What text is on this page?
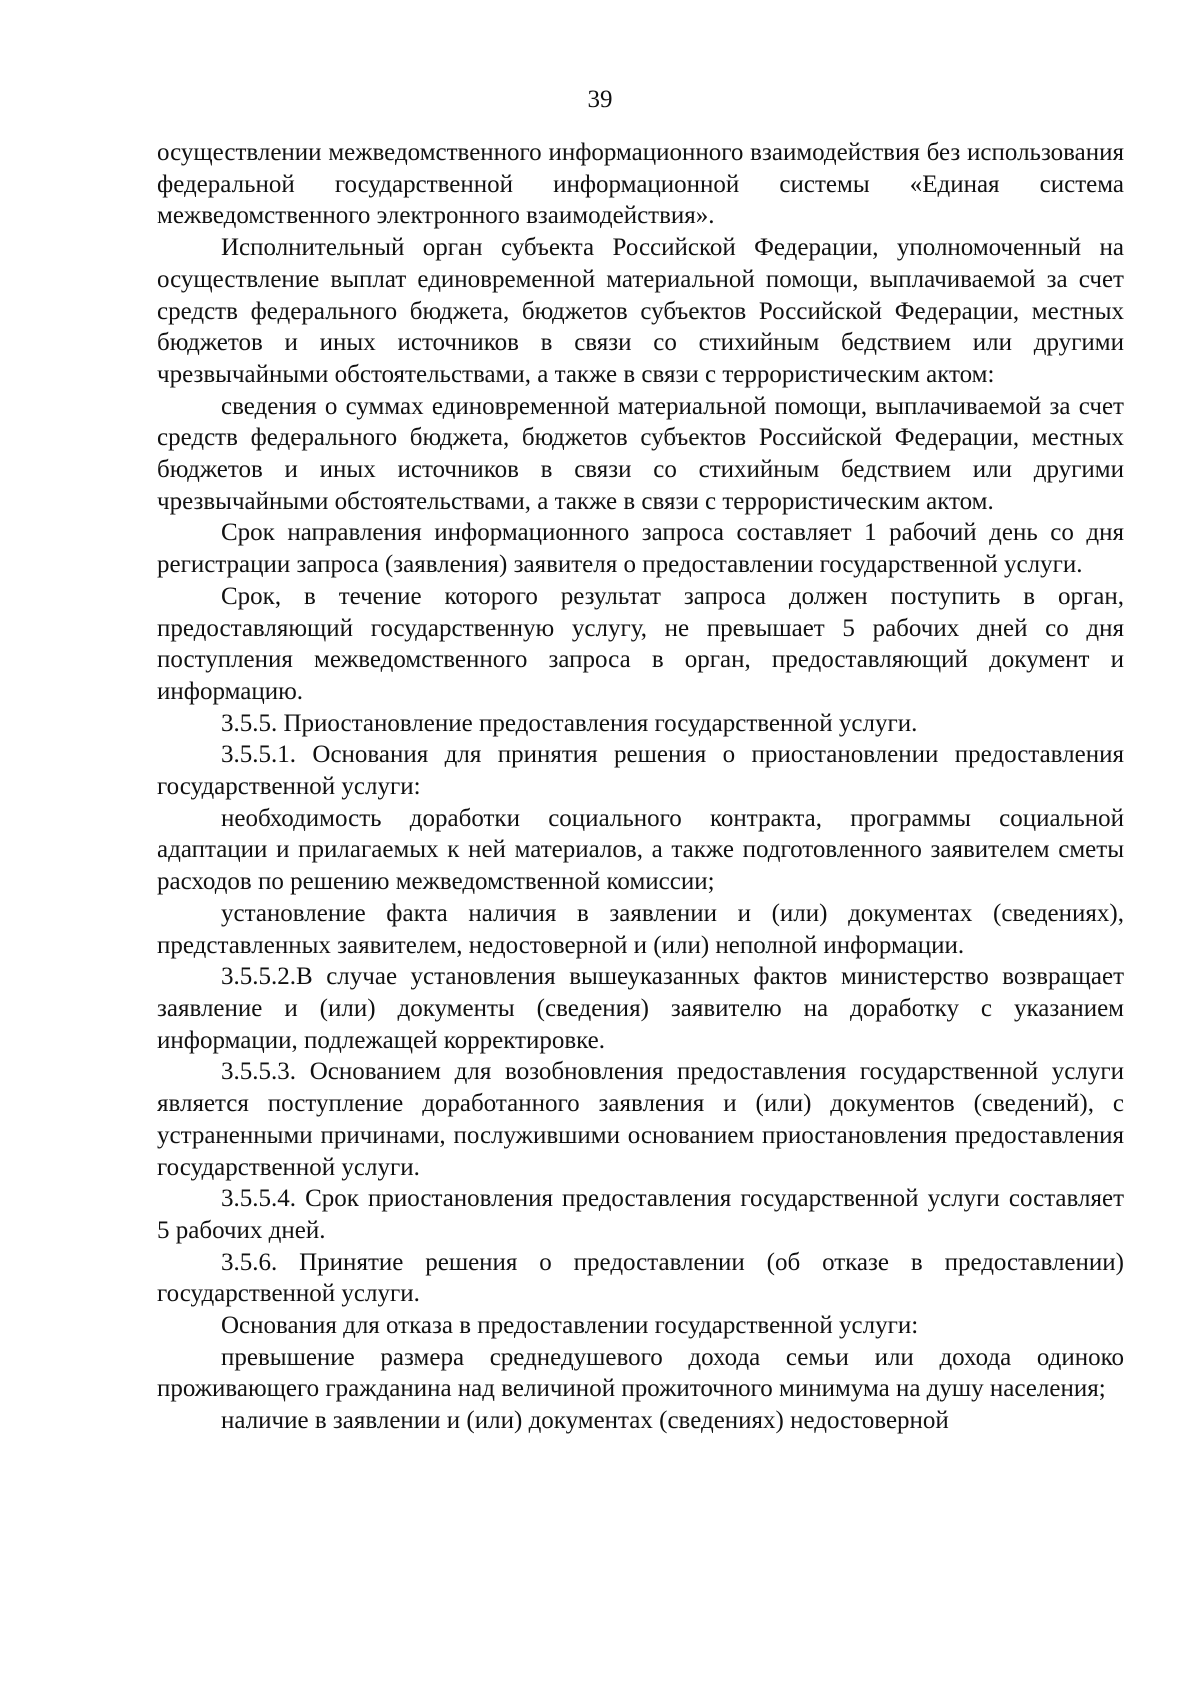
39

осуществлении межведомственного информационного взаимодействия без использования федеральной государственной информационной системы «Единая система межведомственного электронного взаимодействия».

Исполнительный орган субъекта Российской Федерации, уполномоченный на осуществление выплат единовременной материальной помощи, выплачиваемой за счет средств федерального бюджета, бюджетов субъектов Российской Федерации, местных бюджетов и иных источников в связи со стихийным бедствием или другими чрезвычайными обстоятельствами, а также в связи с террористическим актом:

сведения о суммах единовременной материальной помощи, выплачиваемой за счет средств федерального бюджета, бюджетов субъектов Российской Федерации, местных бюджетов и иных источников в связи со стихийным бедствием или другими чрезвычайными обстоятельствами, а также в связи с террористическим актом.

Срок направления информационного запроса составляет 1 рабочий день со дня регистрации запроса (заявления) заявителя о предоставлении государственной услуги.

Срок, в течение которого результат запроса должен поступить в орган, предоставляющий государственную услугу, не превышает 5 рабочих дней со дня поступления межведомственного запроса в орган, предоставляющий документ и информацию.

3.5.5. Приостановление предоставления государственной услуги.

3.5.5.1. Основания для принятия решения о приостановлении предоставления государственной услуги:

необходимость доработки социального контракта, программы социальной адаптации и прилагаемых к ней материалов, а также подготовленного заявителем сметы расходов по решению межведомственной комиссии;

установление факта наличия в заявлении и (или) документах (сведениях), представленных заявителем, недостоверной и (или) неполной информации.

3.5.5.2.В случае установления вышеуказанных фактов министерство возвращает заявление и (или) документы (сведения) заявителю на доработку с указанием информации, подлежащей корректировке.

3.5.5.3. Основанием для возобновления предоставления государственной услуги является поступление доработанного заявления и (или) документов (сведений), с устраненными причинами, послужившими основанием приостановления предоставления государственной услуги.

3.5.5.4. Срок приостановления предоставления государственной услуги составляет 5 рабочих дней.

3.5.6. Принятие решения о предоставлении (об отказе в предоставлении) государственной услуги.

Основания для отказа в предоставлении государственной услуги:

превышение размера среднедушевого дохода семьи или дохода одиноко проживающего гражданина над величиной прожиточного минимума на душу населения;

наличие в заявлении и (или) документах (сведениях) недостоверной
